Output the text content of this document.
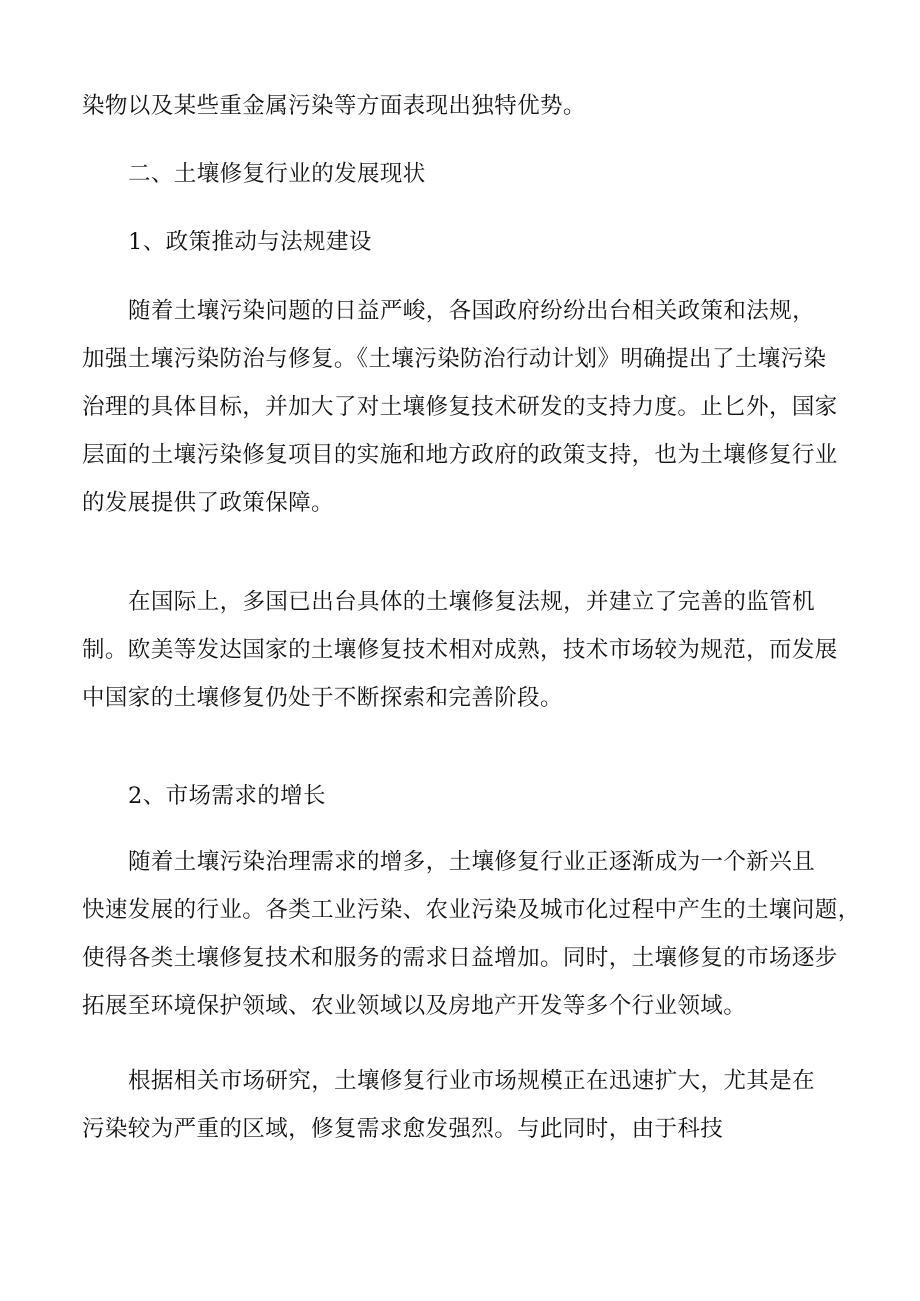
染物以及某些重金属污染等方面表现出独特优势。

二、土壤修复行业的发展现状

1、政策推动与法规建设

随着土壤污染问题的日益严峻，各国政府纷纷出台相关政策和法规，
加强土壤污染防治与修复。《土壤污染防治行动计划》明确提出了土壤污染
治理的具体目标，并加大了对土壤修复技术研发的支持力度。止匕外，国家
层面的土壤污染修复项目的实施和地方政府的政策支持，也为土壤修复行业
的发展提供了政策保障。

在国际上，多国已出台具体的土壤修复法规，并建立了完善的监管机
制。欧美等发达国家的土壤修复技术相对成熟，技术市场较为规范，而发展
中国家的土壤修复仍处于不断探索和完善阶段。

2、市场需求的增长

随着土壤污染治理需求的增多，土壤修复行业正逐渐成为一个新兴且
快速发展的行业。各类工业污染、农业污染及城市化过程中产生的土壤问题，
使得各类土壤修复技术和服务的需求日益增加。同时，土壤修复的市场逐步
拓展至环境保护领域、农业领域以及房地产开发等多个行业领域。

根据相关市场研究，土壤修复行业市场规模正在迅速扩大，尤其是在
污染较为严重的区域，修复需求愈发强烈。与此同时，由于科技
